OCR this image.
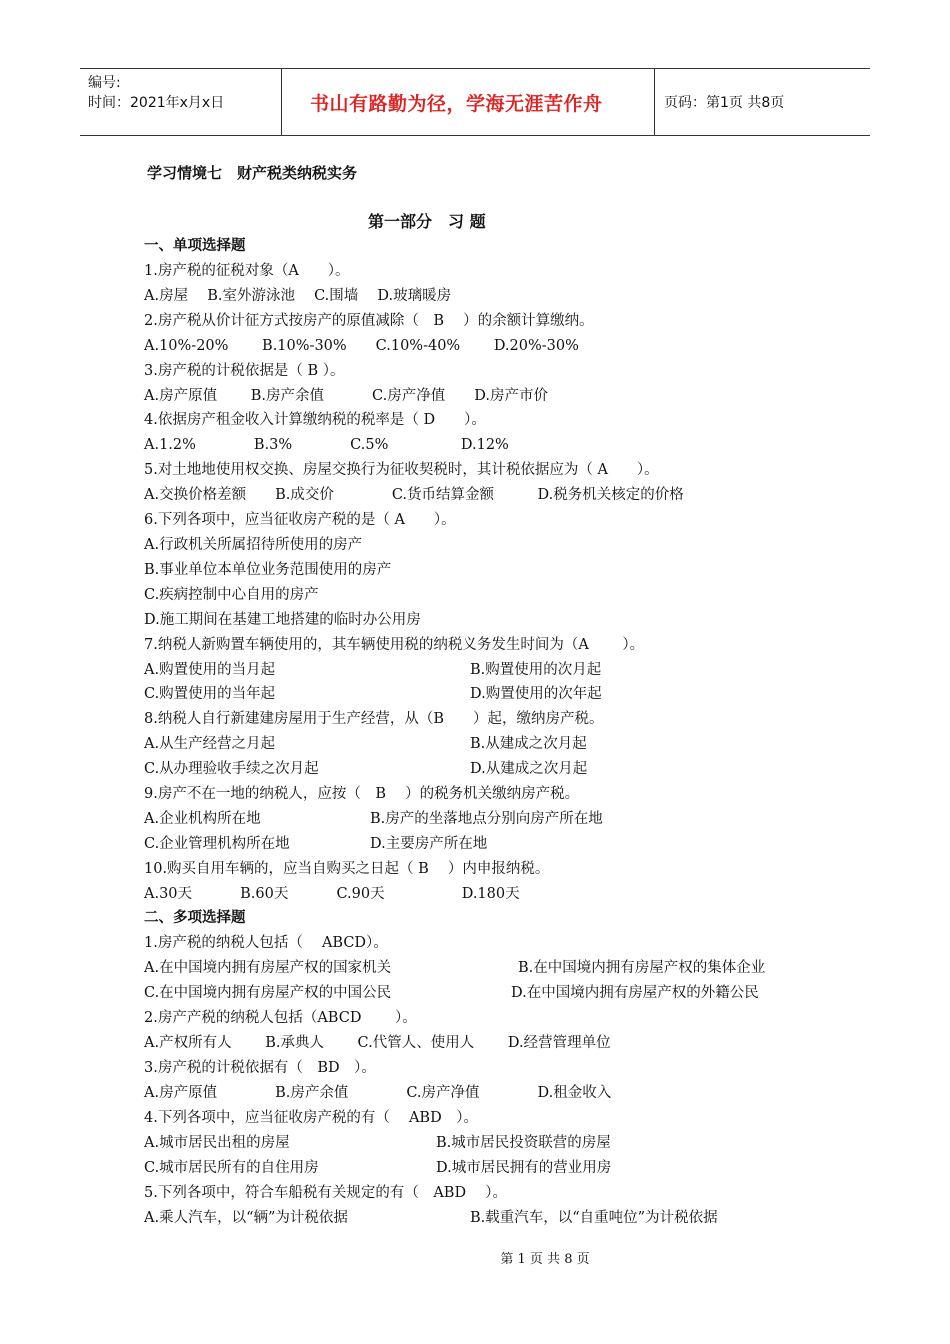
编号:
时间：2021年x月x日	书山有路勤为径，学海无涯苦作舟	页码：第1页 共8页
学习情境七　财产税类纳税实务
第一部分　习 题
一、单项选择题
1.房产税的征税对象（A　　）。
A.房屋　 B.室外游泳池　 C.围墙　 D.玻璃暖房
2.房产税从价计征方式按房产的原值减除（　B　 ）的余额计算缴纳。
A.10%-20%　　 B.10%-30%　　C.10%-40%　　 D.20%-30%
3.房产税的计税依据是（ B ）。
A.房产原值　　 B.房产余值　　　 C.房产净值　　D.房产市价
4.依据房产租金收入计算缴纳税的税率是（ D　　）。
A.1.2%　　　　B.3%　　　　C.5%　　　　　D.12%
5.对土地地使用权交换、房屋交换行为征收契税时，其计税依据应为（ A　　）。
A.交换价格差额　　B.成交价　　　　C.货币结算金额　　　D.税务机关核定的价格
6.下列各项中，应当征收房产税的是（ A　　）。
A.行政机关所属招待所使用的房产
B.事业单位本单位业务范围使用的房产
C.疾病控制中心自用的房产
D.施工期间在基建工地搭建的临时办公用房
7.纳税人新购置车辆使用的，其车辆使用税的纳税义务发生时间为（A　　 ）。
A.购置使用的当月起	B.购置使用的次月起
C.购置使用的当年起	D.购置使用的次年起
8.纳税人自行新建建房屋用于生产经营，从（B　　）起，缴纳房产税。
A.从生产经营之月起	B.从建成之次月起
C.从办理验收手续之次月起	D.从建成之次月起
9.房产不在一地的纳税人，应按（　B　 ）的税务机关缴纳房产税。
A.企业机构所在地	B.房产的坐落地点分别向房产所在地
C.企业管理机构所在地	D.主要房产所在地
10.购买自用车辆的，应当自购买之日起（ B　 ）内申报纳税。
A.30天　　　 B.60天　　　 C.90天　　　　　 D.180天
二、多项选择题
1.房产税的纳税人包括（　 ABCD）。
A.在中国境内拥有房屋产权的国家机关	B.在中国境内拥有房屋产权的集体企业
C.在中国境内拥有房屋产权的中国公民	D.在中国境内拥有房屋产权的外籍公民
2.房产产税的纳税人包括（ABCD　　 ）。
A.产权所有人　　 B.承典人　　 C.代管人、使用人　　 D.经营管理单位
3.房产税的计税依据有（　BD　）。
A.房产原值　　　　B.房产余值　　　　C.房产净值　　　　D.租金收入
4.下列各项中，应当征收房产税的有（　 ABD　）。
A.城市居民出租的房屋	B.城市居民投资联营的房屋
C.城市居民所有的自住用房	D.城市居民拥有的营业用房
5.下列各项中，符合车船税有关规定的有（　ABD　 ）。
A.乘人汽车，以“辆”为计税依据	B.载重汽车，以“自重吨位”为计税依据
第 1 页 共 8 页
